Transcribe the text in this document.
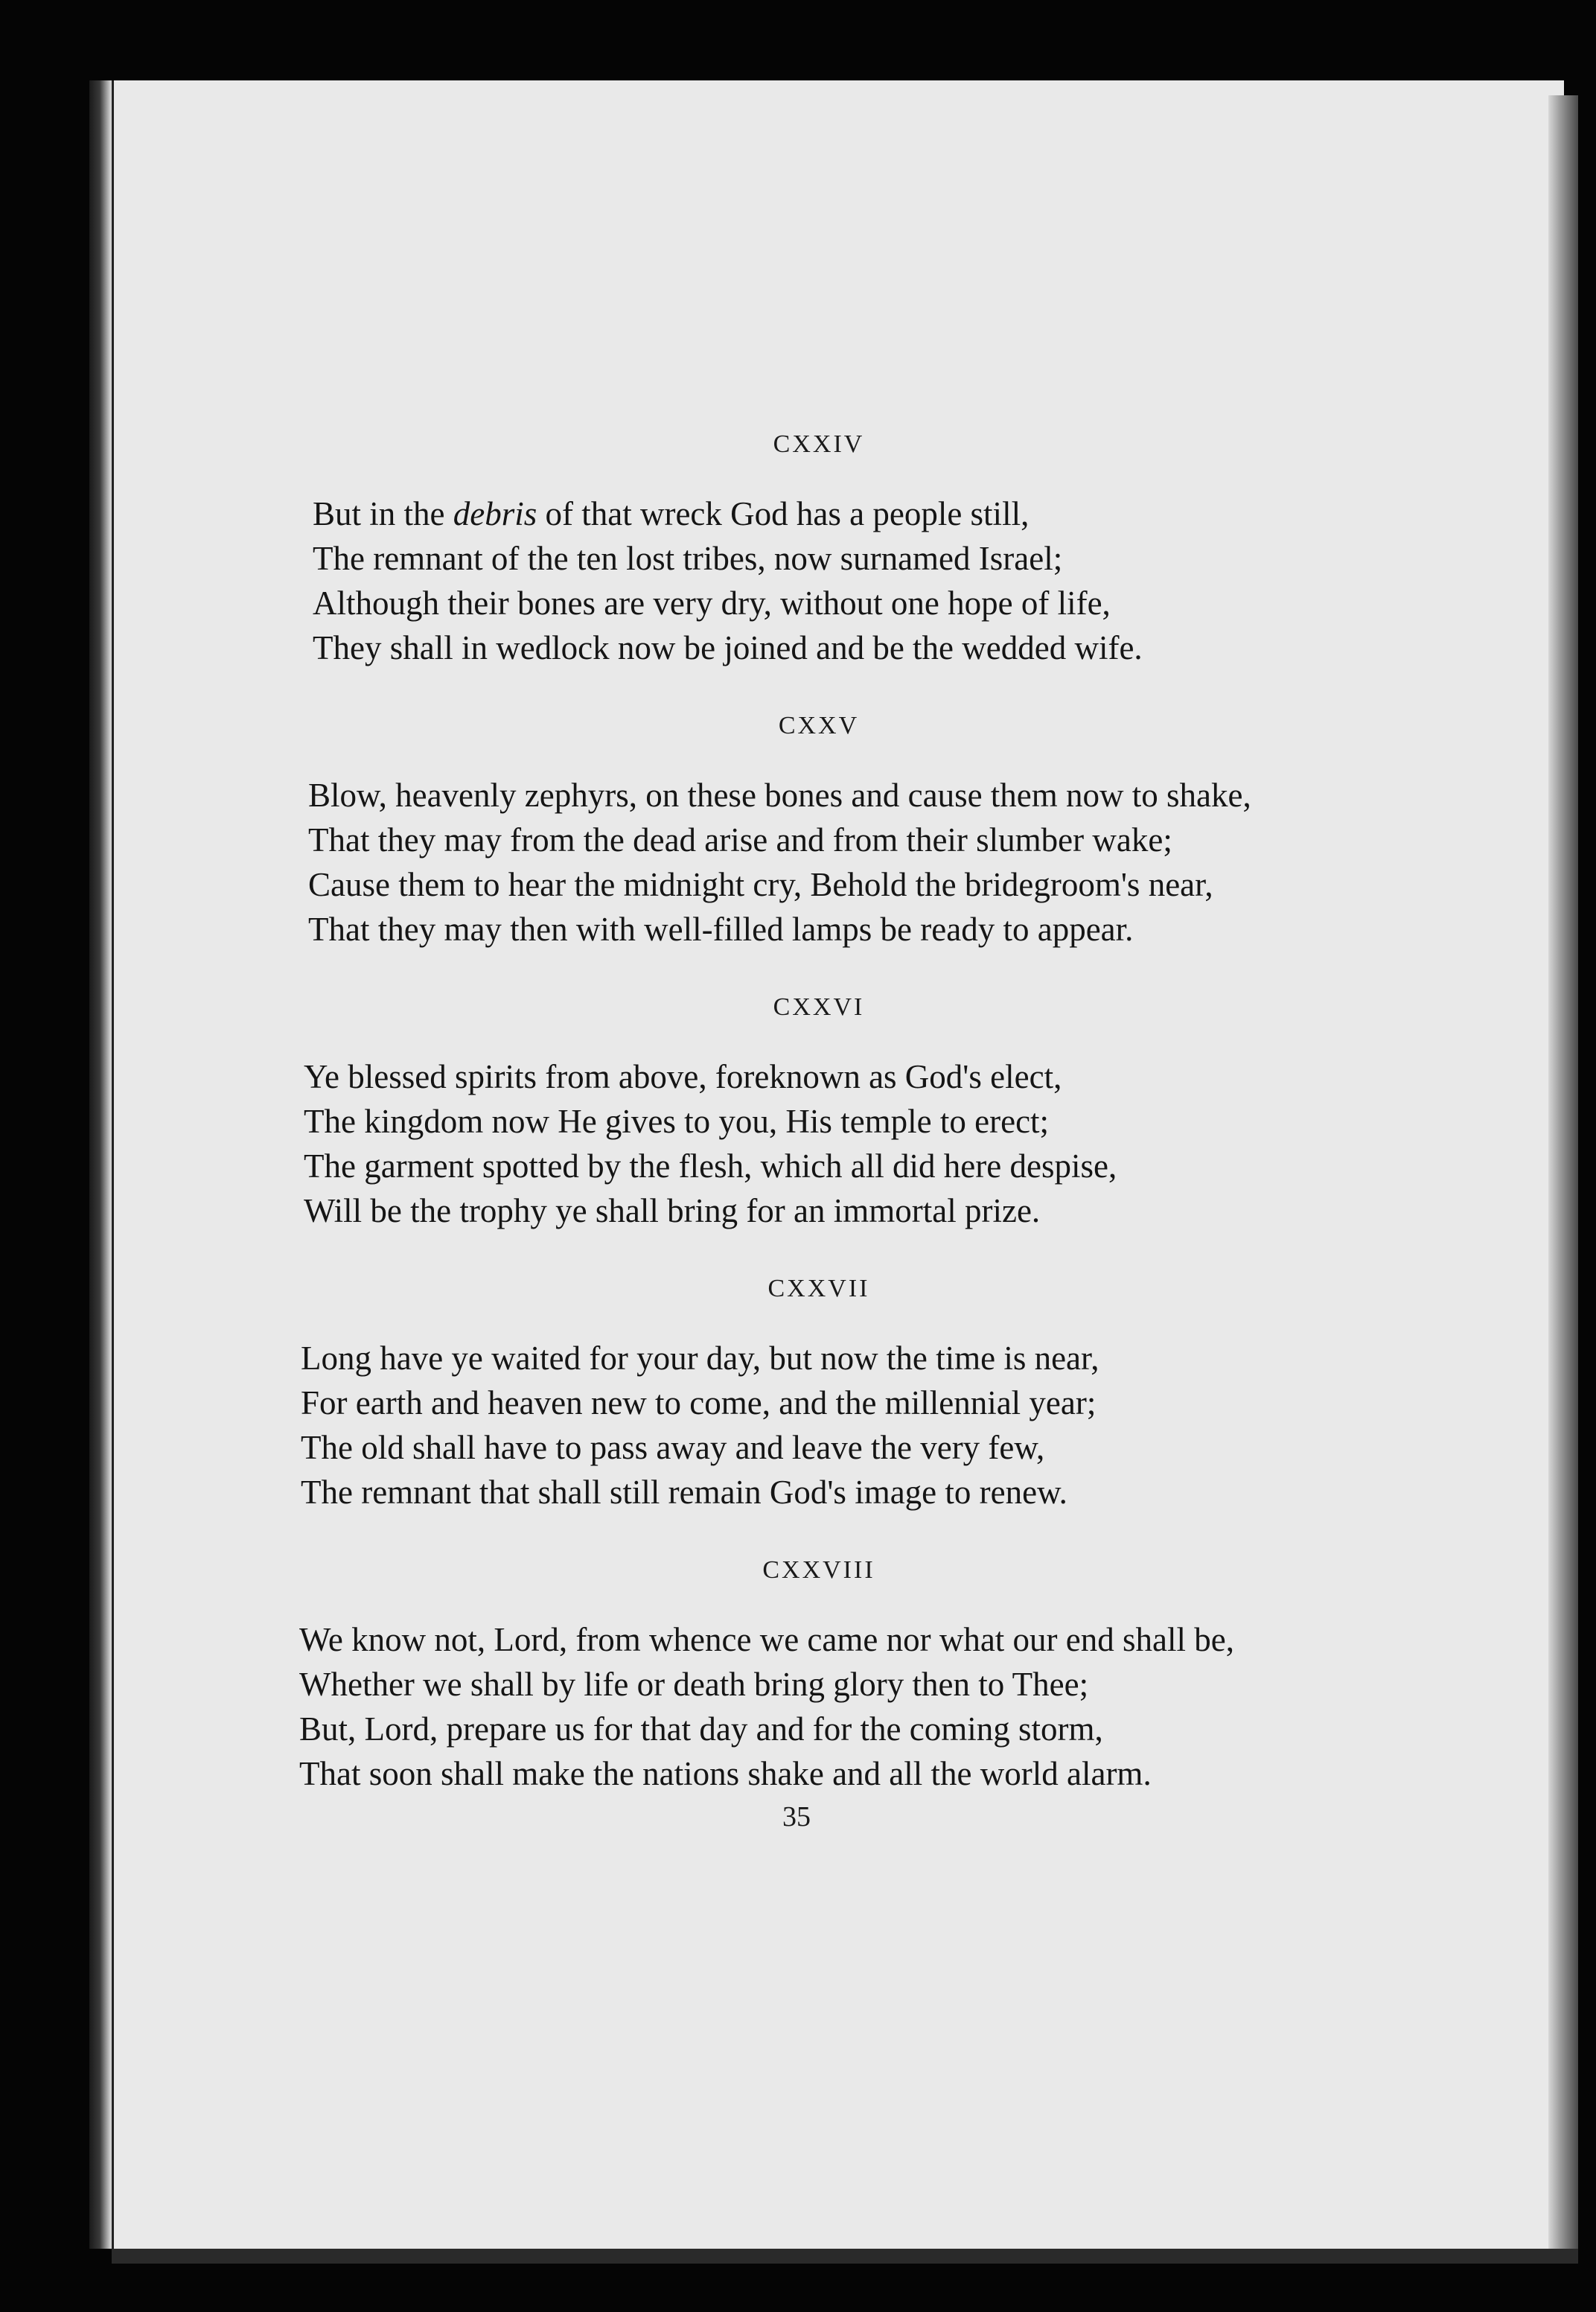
CXXIV
But in the debris of that wreck God has a people still,
The remnant of the ten lost tribes, now surnamed Israel;
Although their bones are very dry, without one hope of life,
They shall in wedlock now be joined and be the wedded wife.
CXXV
Blow, heavenly zephyrs, on these bones and cause them now to shake,
That they may from the dead arise and from their slumber wake;
Cause them to hear the midnight cry, Behold the bridegroom's near,
That they may then with well-filled lamps be ready to appear.
CXXVI
Ye blessed spirits from above, foreknown as God's elect,
The kingdom now He gives to you, His temple to erect;
The garment spotted by the flesh, which all did here despise,
Will be the trophy ye shall bring for an immortal prize.
CXXVII
Long have ye waited for your day, but now the time is near,
For earth and heaven new to come, and the millennial year;
The old shall have to pass away and leave the very few,
The remnant that shall still remain God's image to renew.
CXXVIII
We know not, Lord, from whence we came nor what our end shall be,
Whether we shall by life or death bring glory then to Thee;
But, Lord, prepare us for that day and for the coming storm,
That soon shall make the nations shake and all the world alarm.
35
